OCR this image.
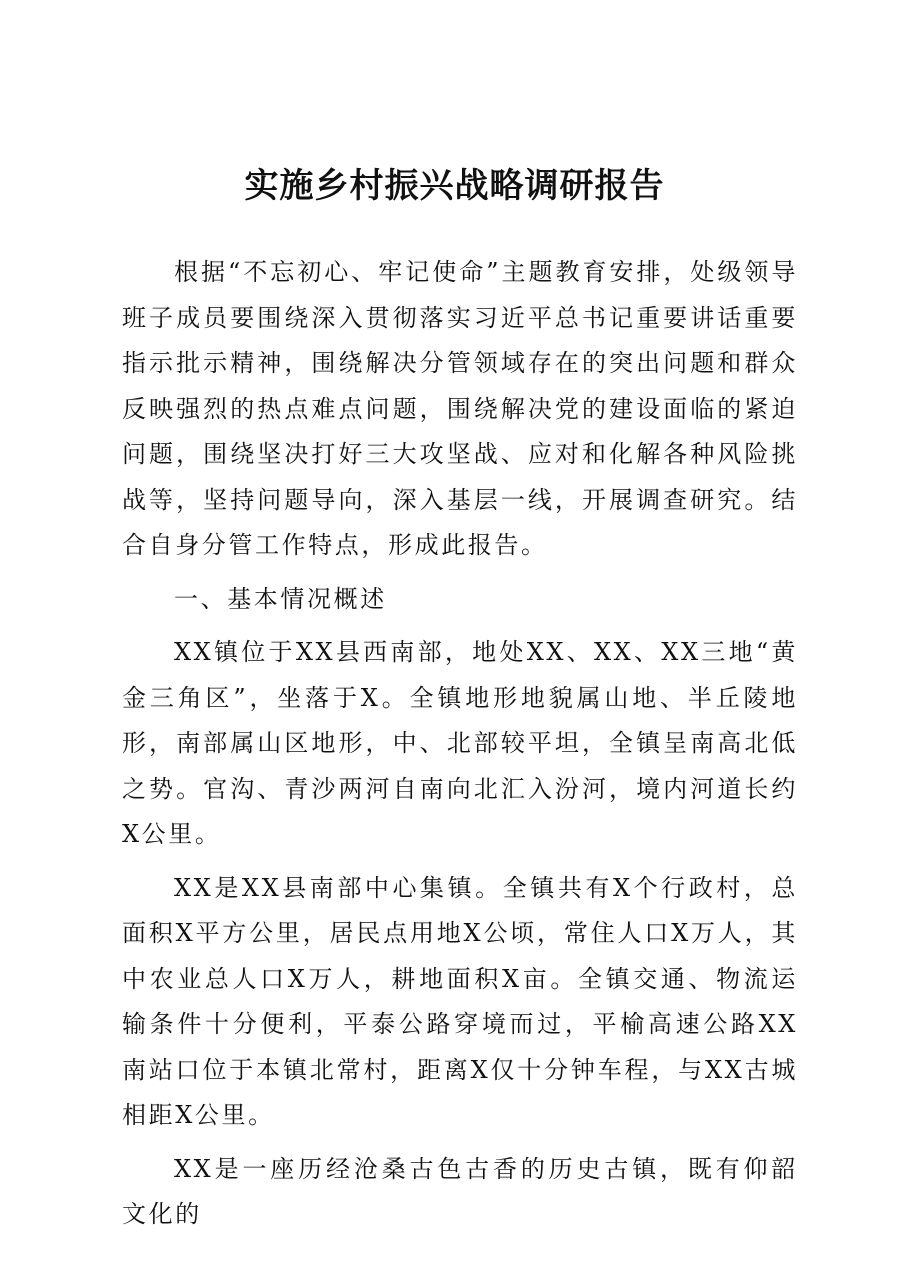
实施乡村振兴战略调研报告

根据“不忘初心、牢记使命”主题教育安排，处级领导班子成员要围绕深入贯彻落实习近平总书记重要讲话重要指示批示精神，围绕解决分管领域存在的突出问题和群众反映强烈的热点难点问题，围绕解决党的建设面临的紧迫问题，围绕坚决打好三大攻坚战、应对和化解各种风险挑战等，坚持问题导向，深入基层一线，开展调查研究。结合自身分管工作特点，形成此报告。

一、基本情况概述

XX镇位于XX县西南部，地处XX、XX、XX三地“黄金三角区”，坐落于X。全镇地形地貌属山地、半丘陵地形，南部属山区地形，中、北部较平坦，全镇呈南高北低之势。官沟、青沙两河自南向北汇入汾河，境内河道长约X公里。

XX是XX县南部中心集镇。全镇共有X个行政村，总面积X平方公里，居民点用地X公顷，常住人口X万人，其中农业总人口X万人，耕地面积X亩。全镇交通、物流运输条件十分便利，平泰公路穿境而过，平榆高速公路XX南站口位于本镇北常村，距离X仅十分钟车程，与XX古城相距X公里。

XX是一座历经沧桑古色古香的历史古镇，既有仰韶文化的
